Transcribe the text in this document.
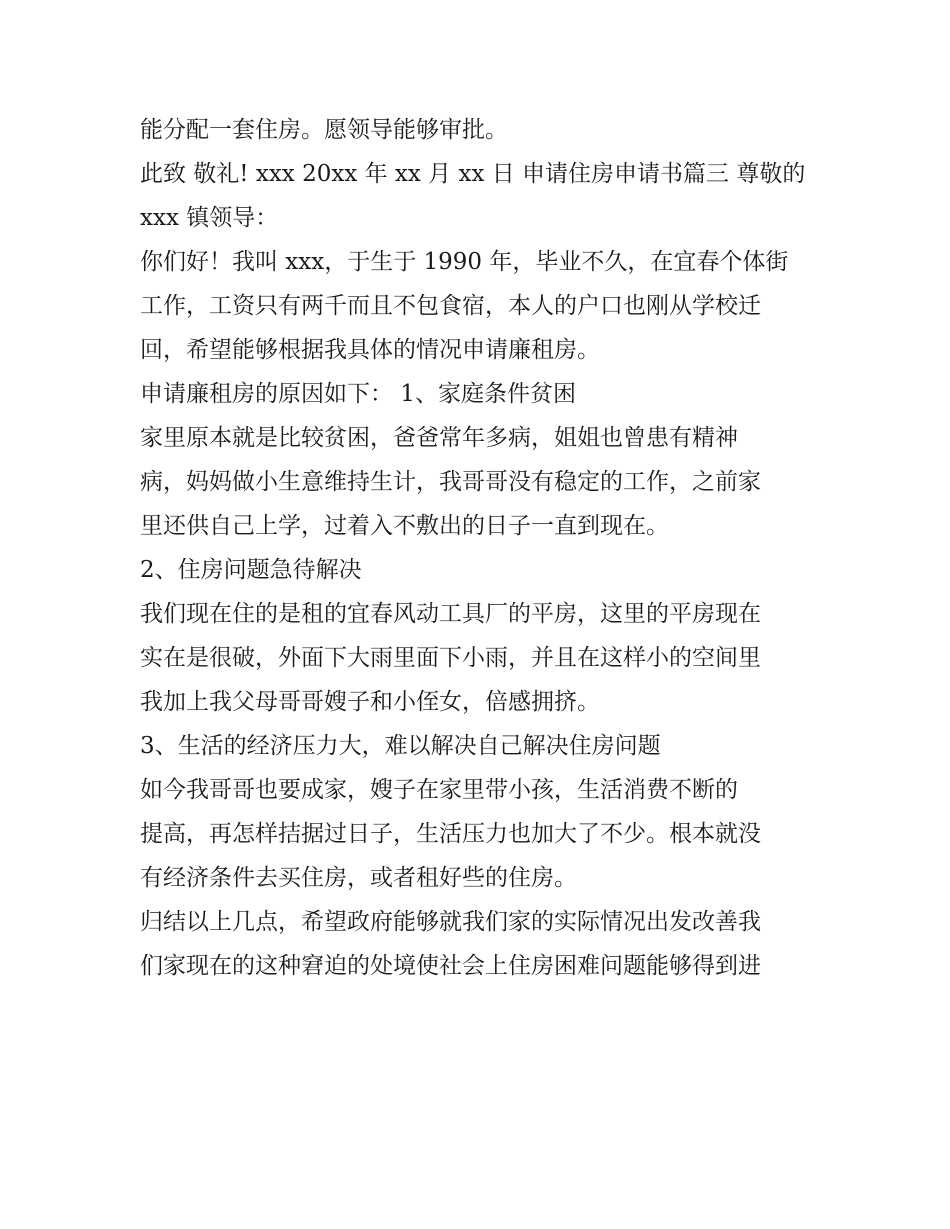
能分配一套住房。愿领导能够审批。
此致 敬礼! xxx 20xx 年 xx 月 xx 日 申请住房申请书篇三 尊敬的
xxx 镇领导：
你们好！我叫 xxx，于生于 1990 年，毕业不久，在宜春个体街
工作，工资只有两千而且不包食宿，本人的户口也刚从学校迁
回，希望能够根据我具体的情况申请廉租房。
申请廉租房的原因如下： 1、家庭条件贫困
家里原本就是比较贫困，爸爸常年多病，姐姐也曾患有精神
病，妈妈做小生意维持生计，我哥哥没有稳定的工作，之前家
里还供自己上学，过着入不敷出的日子一直到现在。
2、住房问题急待解决
我们现在住的是租的宜春风动工具厂的平房，这里的平房现在
实在是很破，外面下大雨里面下小雨，并且在这样小的空间里
我加上我父母哥哥嫂子和小侄女，倍感拥挤。
3、生活的经济压力大，难以解决自己解决住房问题
如今我哥哥也要成家，嫂子在家里带小孩，生活消费不断的
提高，再怎样拮据过日子，生活压力也加大了不少。根本就没
有经济条件去买住房，或者租好些的住房。
归结以上几点，希望政府能够就我们家的实际情况出发改善我
们家现在的这种窘迫的处境使社会上住房困难问题能够得到进
